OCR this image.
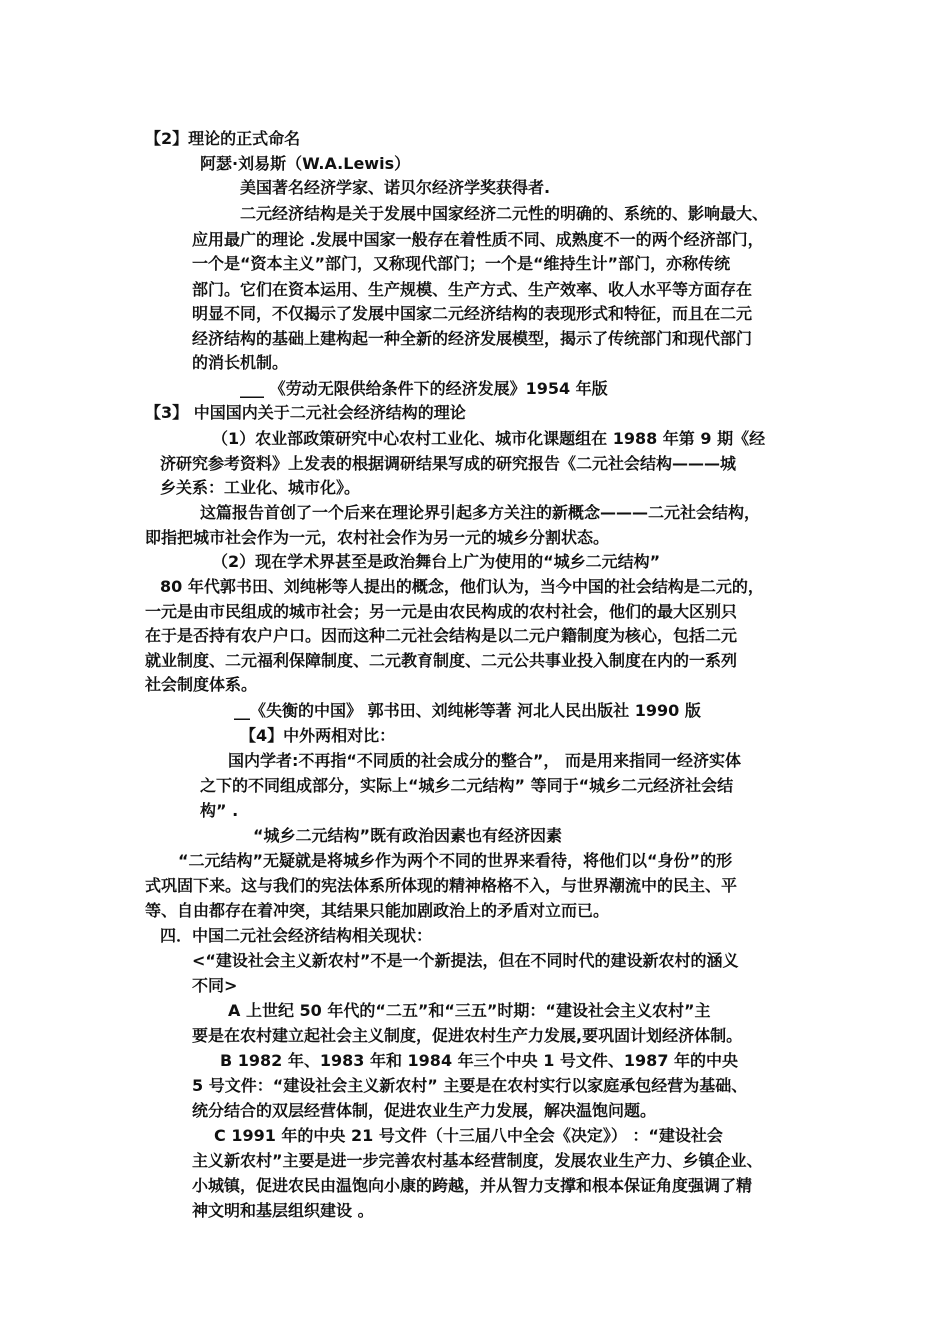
【2】理论的正式命名
阿瑟·刘易斯（W.A.Lewis）
美国著名经济学家、诺贝尔经济学奖获得者.
二元经济结构是关于发展中国家经济二元性的明确的、系统的、影响最大、
应用最广的理论 .发展中国家一般存在着性质不同、成熟度不一的两个经济部门，
一个是“资本主义”部门，又称现代部门；一个是“维持生计”部门，亦称传统
部门。它们在资本运用、生产规模、生产方式、生产效率、收人水平等方面存在
明显不同，不仅揭示了发展中国家二元经济结构的表现形式和特征，而且在二元
经济结构的基础上建构起一种全新的经济发展模型，揭示了传统部门和现代部门
的消长机制。
___ 《劳动无限供给条件下的经济发展》1954 年版
【3】 中国国内关于二元社会经济结构的理论
（1）农业部政策研究中心农村工业化、城市化课题组在 1988 年第 9 期《经
济研究参考资料》上发表的根据调研结果写成的研究报告《二元社会结构———城
乡关系：工业化、城市化》。
这篇报告首创了一个后来在理论界引起多方关注的新概念———二元社会结构，
即指把城市社会作为一元，农村社会作为另一元的城乡分割状态。
（2）现在学术界甚至是政治舞台上广为使用的“城乡二元结构”
80 年代郭书田、刘纯彬等人提出的概念，他们认为，当今中国的社会结构是二元的，
一元是由市民组成的城市社会；另一元是由农民构成的农村社会，他们的最大区别只
在于是否持有农户户口。因而这种二元社会结构是以二元户籍制度为核心，包括二元
就业制度、二元福利保障制度、二元教育制度、二元公共事业投入制度在内的一系列
社会制度体系。
__《失衡的中国》 郭书田、刘纯彬等著 河北人民出版社 1990 版
【4】中外两相对比：
国内学者:不再指“不同质的社会成分的整合”， 而是用来指同一经济实体
之下的不同组成部分，实际上“城乡二元结构” 等同于“城乡二元经济社会结
构” .
“城乡二元结构”既有政治因素也有经济因素
“二元结构”无疑就是将城乡作为两个不同的世界来看待，将他们以“身份”的形
式巩固下来。这与我们的宪法体系所体现的精神格格不入，与世界潮流中的民主、平
等、自由都存在着冲突，其结果只能加剧政治上的矛盾对立而已。
四．中国二元社会经济结构相关现状：
<“建设社会主义新农村”不是一个新提法，但在不同时代的建设新农村的涵义
不同>
A 上世纪 50 年代的“二五”和“三五”时期：“建设社会主义农村”主
要是在农村建立起社会主义制度，促进农村生产力发展,要巩固计划经济体制。
B 1982 年、1983 年和 1984 年三个中央 1 号文件、1987 年的中央
5 号文件：“建设社会主义新农村” 主要是在农村实行以家庭承包经营为基础、
统分结合的双层经营体制，促进农业生产力发展，解决温饱问题。
C 1991 年的中央 21 号文件（十三届八中全会《决定》） ：“建设社会
主义新农村”主要是进一步完善农村基本经营制度，发展农业生产力、乡镇企业、
小城镇，促进农民由温饱向小康的跨越，并从智力支撑和根本保证角度强调了精
神文明和基层组织建设 。
